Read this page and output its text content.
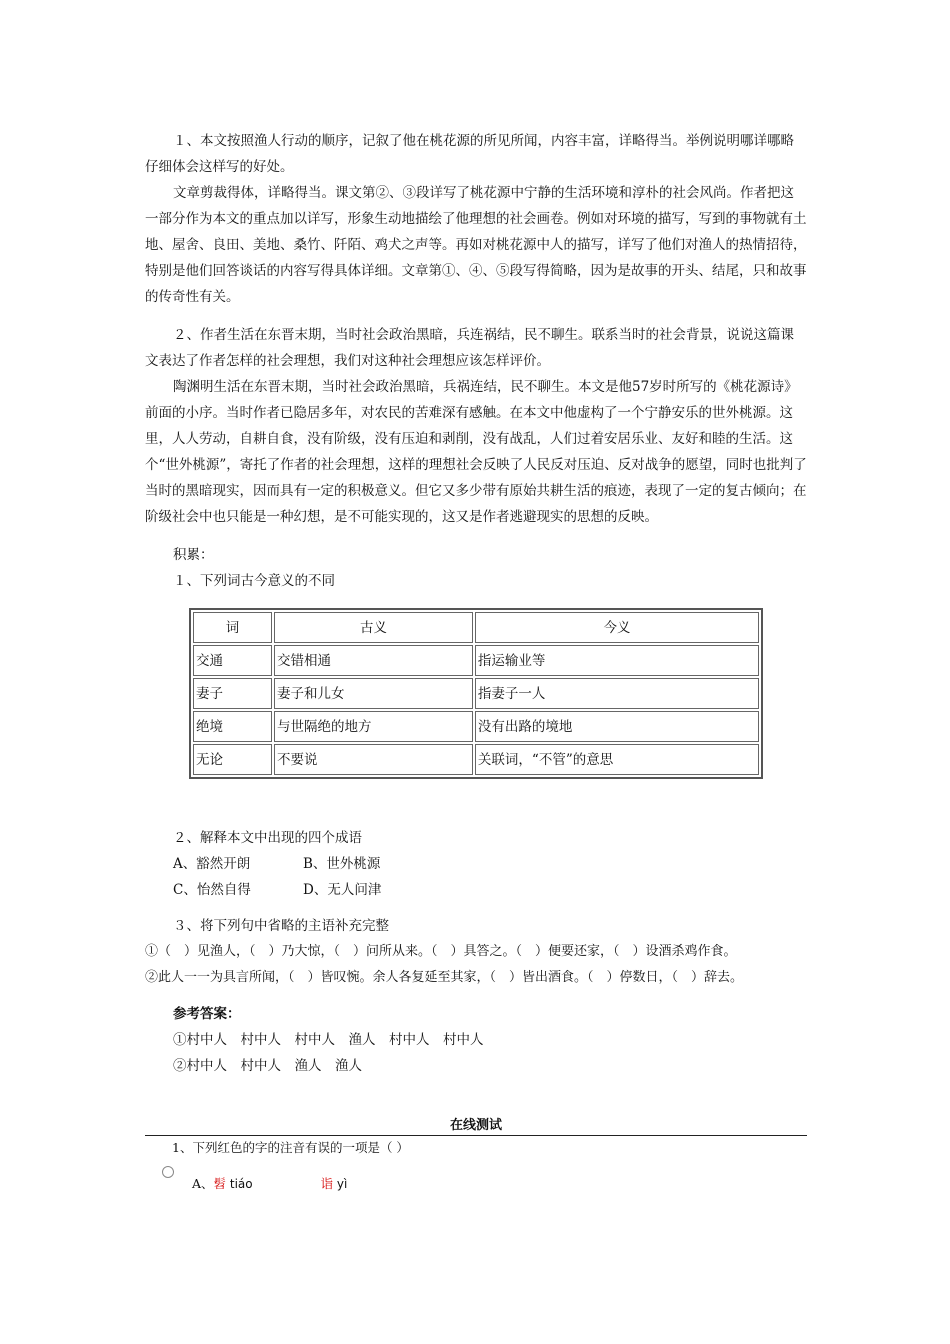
１、本文按照渔人行动的顺序，记叙了他在桃花源的所见所闻，内容丰富，详略得当。举例说明哪详哪略仔细体会这样写的好处。

文章剪裁得体，详略得当。课文第②、③段详写了桃花源中宁静的生活环境和淳朴的社会风尚。作者把这一部分作为本文的重点加以详写，形象生动地描绘了他理想的社会画卷。例如对环境的描写，写到的事物就有土地、屋舍、良田、美地、桑竹、阡陌、鸡犬之声等。再如对桃花源中人的描写，详写了他们对渔人的热情招待，特别是他们回答谈话的内容写得具体详细。文章第①、④、⑤段写得简略，因为是故事的开头、结尾，只和故事的传奇性有关。

２、作者生活在东晋末期，当时社会政治黑暗，兵连祸结，民不聊生。联系当时的社会背景，说说这篇课文表达了作者怎样的社会理想，我们对这种社会理想应该怎样评价。

陶渊明生活在东晋末期，当时社会政治黑暗，兵祸连结，民不聊生。本文是他57岁时所写的《桃花源诗》前面的小序。当时作者已隐居多年，对农民的苦难深有感触。在本文中他虚构了一个宁静安乐的世外桃源。这里，人人劳动，自耕自食，没有阶级，没有压迫和剥削，没有战乱，人们过着安居乐业、友好和睦的生活。这个“世外桃源”，寄托了作者的社会理想，这样的理想社会反映了人民反对压迫、反对战争的愿望，同时也批判了当时的黑暗现实，因而具有一定的积极意义。但它又多少带有原始共耕生活的痕迹，表现了一定的复古倾向；在阶级社会中也只能是一种幻想，是不可能实现的，这又是作者逃避现实的思想的反映。

积累：

１、下列词古今意义的不同

词	古义	今义
交通	交错相通	指运输业等
妻子	妻子和儿女	指妻子一人
绝境	与世隔绝的地方	没有出路的境地
无论	不要说	关联词，“不管”的意思

２、解释本文中出现的四个成语

A、豁然开朗	B、世外桃源

C、怡然自得	D、无人问津

３、将下列句中省略的主语补充完整

①（　）见渔人，（　）乃大惊，（　）问所从来。（　）具答之。（　）便要还家，（　）设酒杀鸡作食。

②此人一一为具言所闻，（　）皆叹惋。余人各复延至其家，（　）皆出酒食。（　）停数日，（　）辞去。

参考答案：

①村中人　村中人　村中人　渔人　村中人　村中人

②村中人　村中人　渔人　渔人

在线测试
1、下列红色的字的注音有误的一项是（ ）
A、髫 tiáo	诣 yì
